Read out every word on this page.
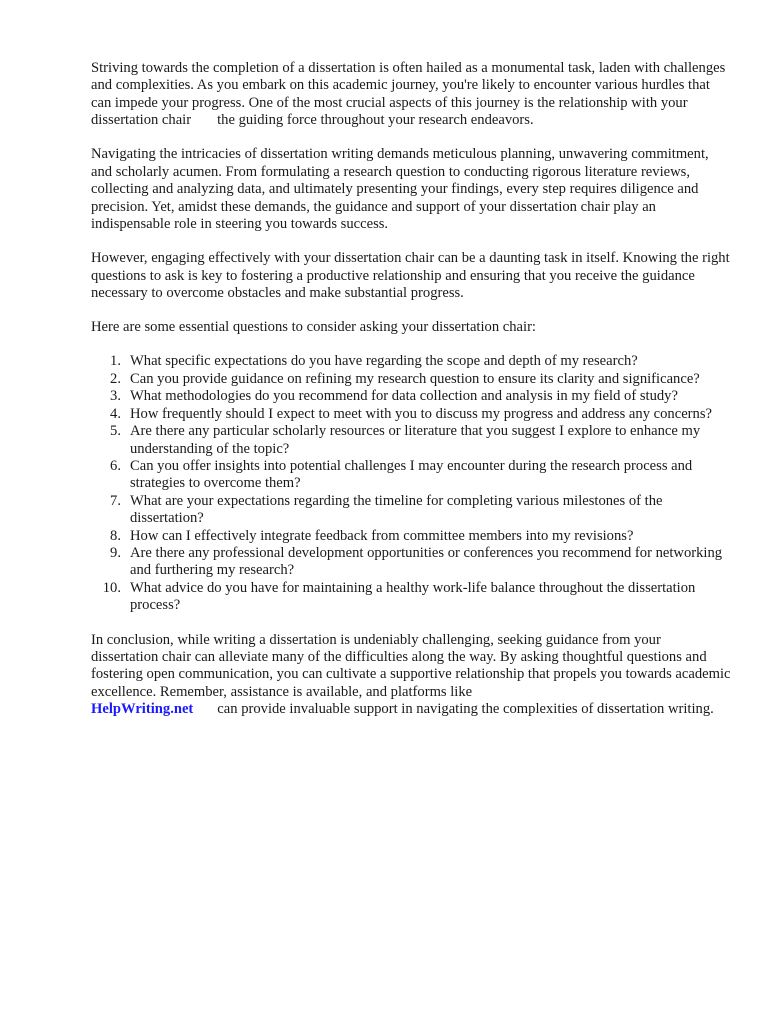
Striving towards the completion of a dissertation is often hailed as a monumental task, laden with challenges and complexities. As you embark on this academic journey, you're likely to encounter various hurdles that can impede your progress. One of the most crucial aspects of this journey is the relationship with your dissertation chair the guiding force throughout your research endeavors.

Navigating the intricacies of dissertation writing demands meticulous planning, unwavering commitment, and scholarly acumen. From formulating a research question to conducting rigorous literature reviews, collecting and analyzing data, and ultimately presenting your findings, every step requires diligence and precision. Yet, amidst these demands, the guidance and support of your dissertation chair play an indispensable role in steering you towards success.

However, engaging effectively with your dissertation chair can be a daunting task in itself. Knowing the right questions to ask is key to fostering a productive relationship and ensuring that you receive the guidance necessary to overcome obstacles and make substantial progress.

Here are some essential questions to consider asking your dissertation chair:

1. What specific expectations do you have regarding the scope and depth of my research?
2. Can you provide guidance on refining my research question to ensure its clarity and significance?
3. What methodologies do you recommend for data collection and analysis in my field of study?
4. How frequently should I expect to meet with you to discuss my progress and address any concerns?
5. Are there any particular scholarly resources or literature that you suggest I explore to enhance my understanding of the topic?
6. Can you offer insights into potential challenges I may encounter during the research process and strategies to overcome them?
7. What are your expectations regarding the timeline for completing various milestones of the dissertation?
8. How can I effectively integrate feedback from committee members into my revisions?
9. Are there any professional development opportunities or conferences you recommend for networking and furthering my research?
10. What advice do you have for maintaining a healthy work-life balance throughout the dissertation process?

In conclusion, while writing a dissertation is undeniably challenging, seeking guidance from your dissertation chair can alleviate many of the difficulties along the way. By asking thoughtful questions and fostering open communication, you can cultivate a supportive relationship that propels you towards academic excellence. Remember, assistance is available, and platforms like
HelpWriting.net can provide invaluable support in navigating the complexities of dissertation writing.
